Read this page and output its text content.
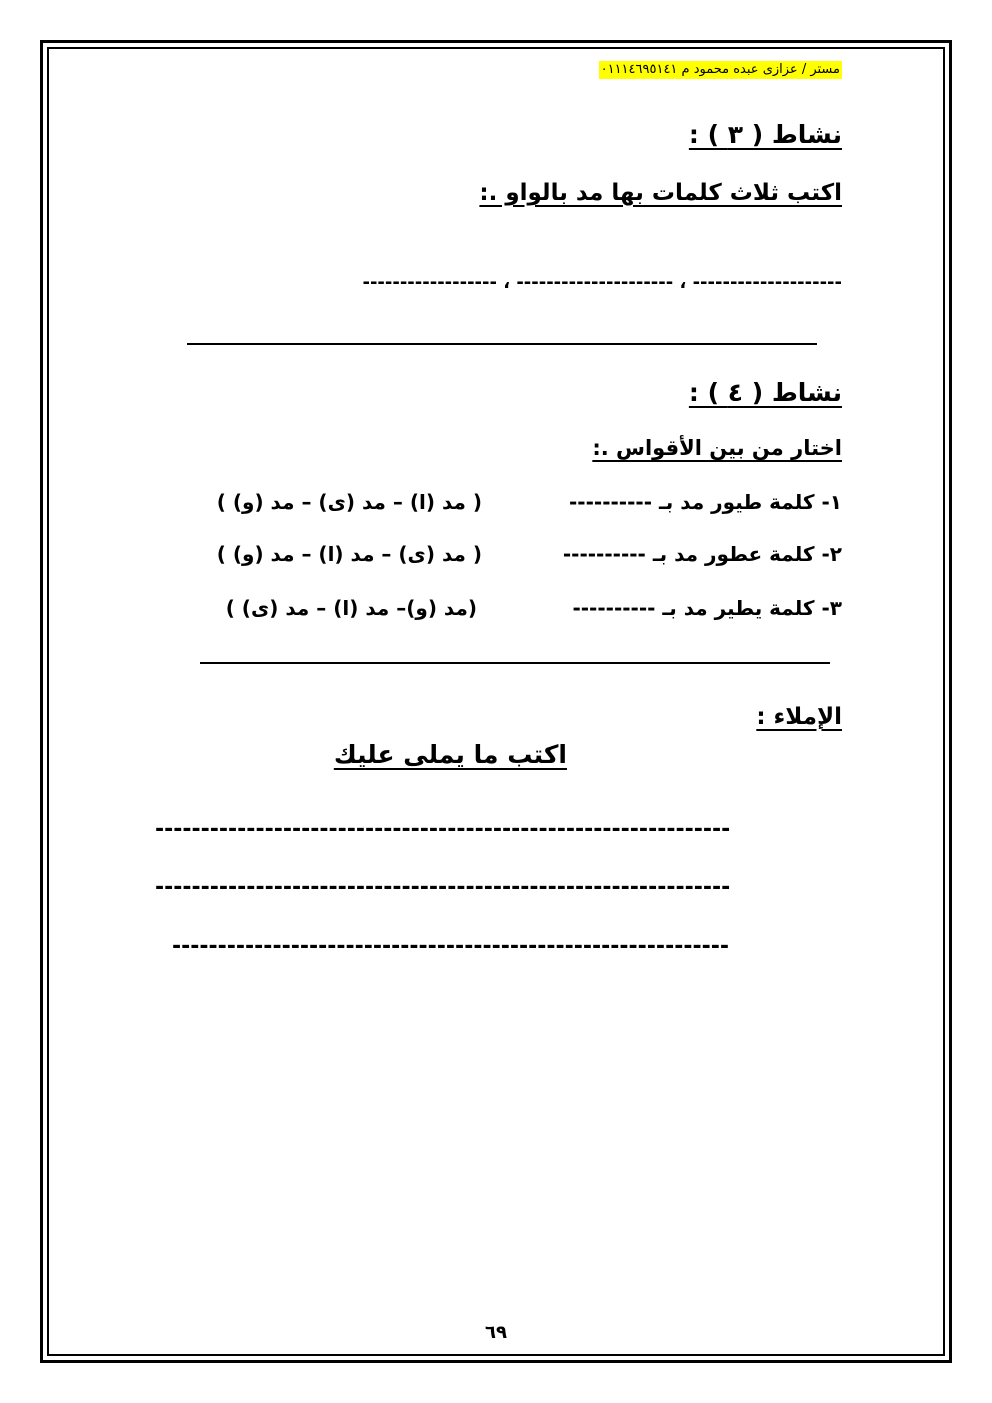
مستر / عزازى عبده محمود م ٠١١١٤٦٩٥١٤١
نشاط ( ٣ ) :
اكتب ثلاث كلمات بها مد بالواو .:
-------------------- ، --------------------- ، ------------------
نشاط ( ٤ ) :
اختار من بين الأقواس .:
١- كلمة طيور مد بـ ----------
( مد (ا) – مد (ى) – مد (و) )
٢- كلمة عطور مد بـ ----------
( مد (ى) – مد (ا) – مد (و) )
٣- كلمة يطير مد بـ ----------
(مد (و)– مد (ا) – مد (ى) )
الإملاء :
اكتب ما يملى عليك
---------------------------------------------------------------
---------------------------------------------------------------
-------------------------------------------------------------
٦٩
